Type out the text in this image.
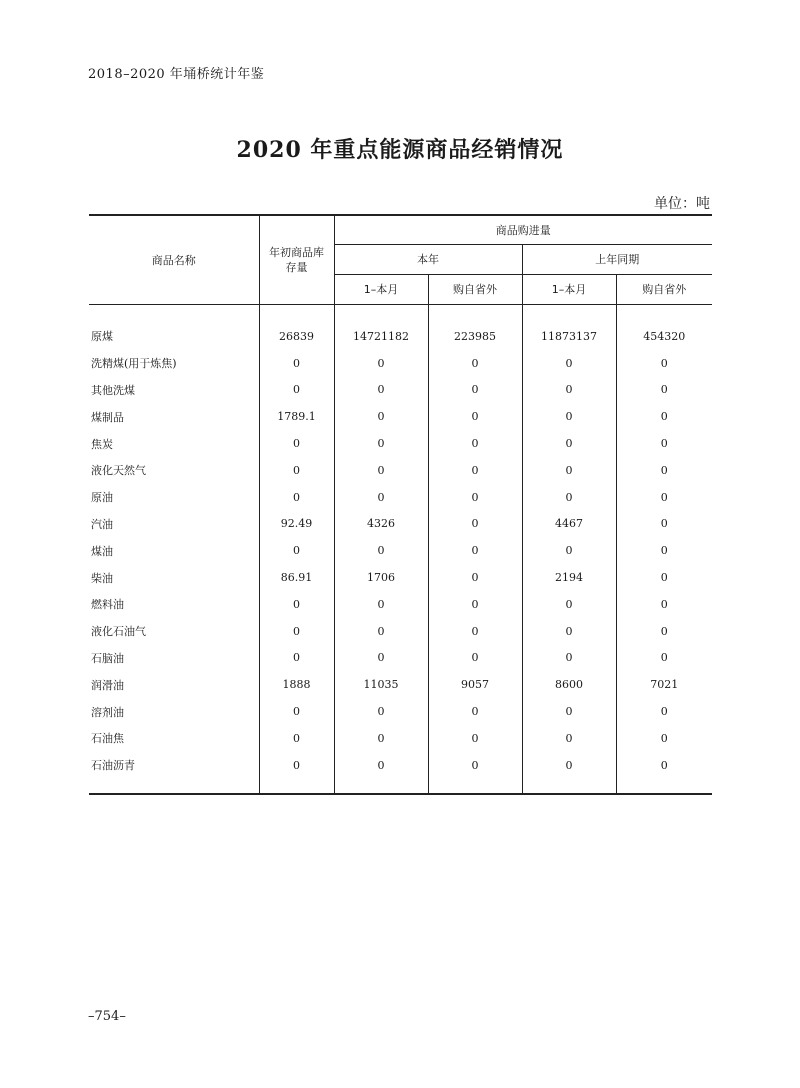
2018–2020 年埇桥统计年鉴
2020 年重点能源商品经销情况
单位：吨
商品名称	年初商品库存量	商品购进量			
		本年		上年同期	
		1–本月	购自省外	1–本月	购自省外

原煤	26839	14721182	223985	11873137	454320
洗精煤(用于炼焦)	0	0	0	0	0
其他洗煤	0	0	0	0	0
煤制品	1789.1	0	0	0	0
焦炭	0	0	0	0	0
液化天然气	0	0	0	0	0
原油	0	0	0	0	0
汽油	92.49	4326	0	4467	0
煤油	0	0	0	0	0
柴油	86.91	1706	0	2194	0
燃料油	0	0	0	0	0
液化石油气	0	0	0	0	0
石脑油	0	0	0	0	0
润滑油	1888	11035	9057	8600	7021
溶剂油	0	0	0	0	0
石油焦	0	0	0	0	0
石油沥青	0	0	0	0	0

–754–
